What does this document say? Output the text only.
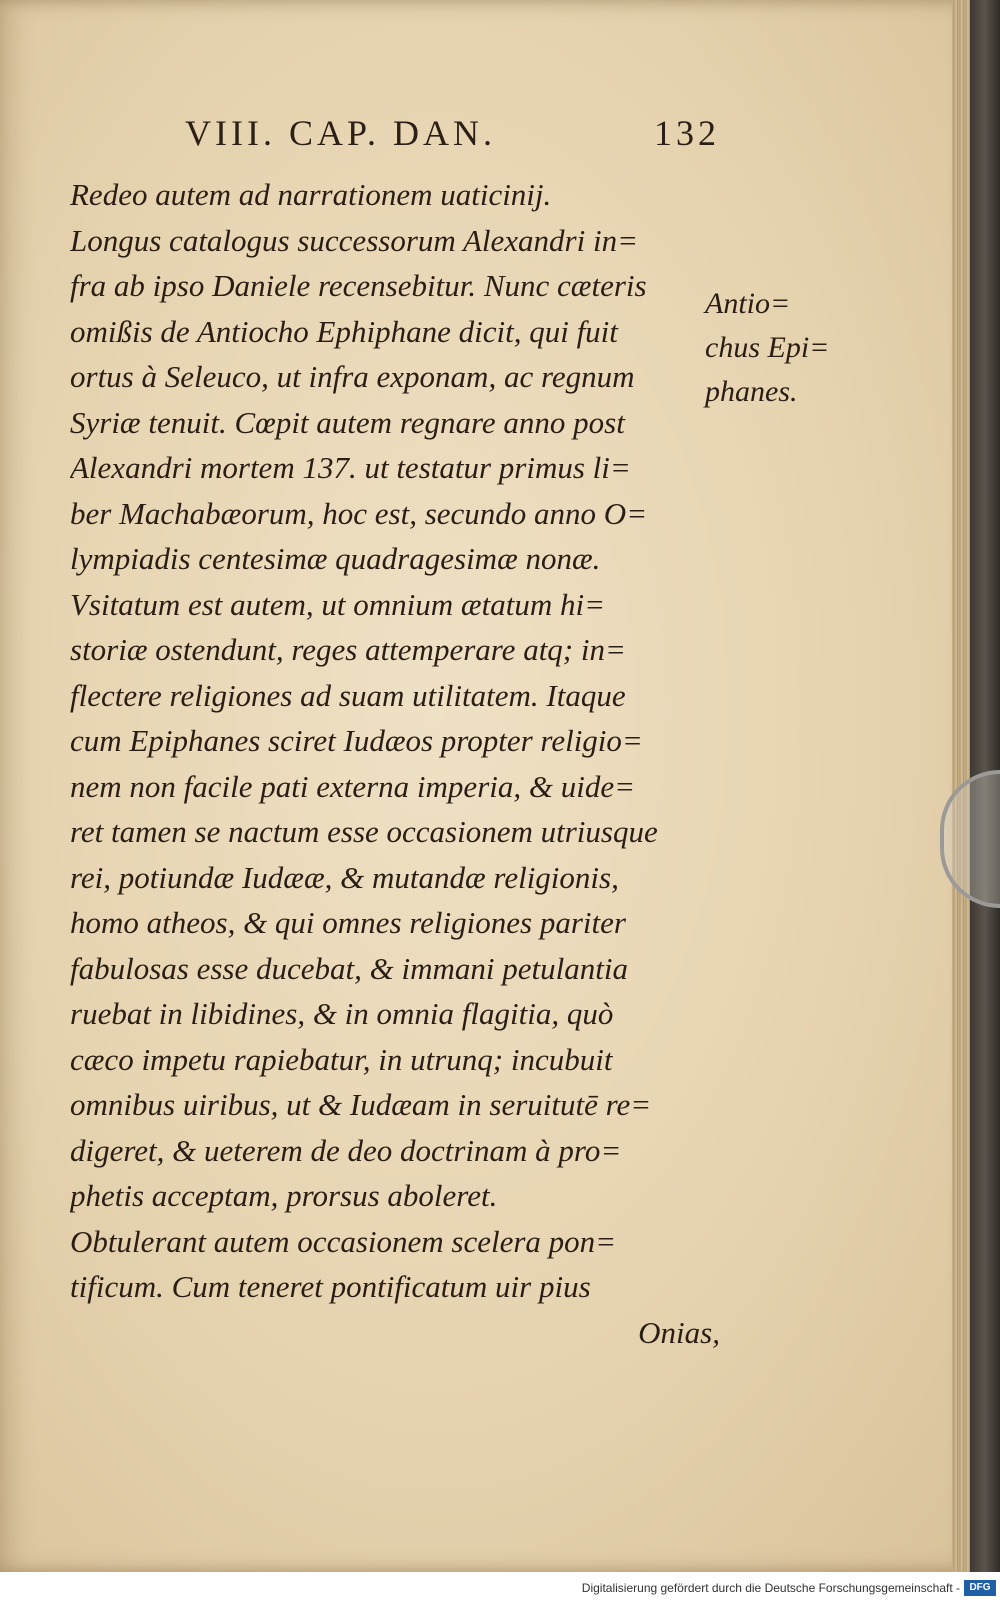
VIII. CAP. DAN.	132
Redeo autem ad narrationem uaticinij.
Longus catalogus successorum Alexandri in=
fra ab ipso Daniele recensebitur. Nunc cæteris
omißis de Antiocho Ephiphane dicit, qui fuit
ortus à Seleuco, ut infra exponam, ac regnum
Syriæ tenuit. Cœpit autem regnare anno post
Alexandri mortem 137. ut testatur primus li=
ber Machabæorum, hoc est, secundo anno O=
lympiadis centesimæ quadragesimæ nonæ.
Vsitatum est autem, ut omnium ætatum hi=
storiæ ostendunt, reges attemperare atq; in=
flectere religiones ad suam utilitatem. Itaque
cum Epiphanes sciret Iudæos propter religio=
nem non facile pati externa imperia, & uide=
ret tamen se nactum esse occasionem utriusque
rei, potiundæ Iudææ, & mutandæ religionis,
homo atheos, & qui omnes religiones pariter
fabulosas esse ducebat, & immani petulantia
ruebat in libidines, & in omnia flagitia, quò
cæco impetu rapiebatur, in utrunq; incubuit
omnibus uiribus, ut & Iudæam in seruitutē re=
digeret, & ueterem de deo doctrinam à pro=
phetis acceptam, prorsus aboleret.
Obtulerant autem occasionem scelera pon=
tificum. Cum teneret pontificatum uir pius
Onias,
Antio=
chus Epi=
phanes.
Digitalisierung gefördert durch die Deutsche Forschungsgemeinschaft - DFG
